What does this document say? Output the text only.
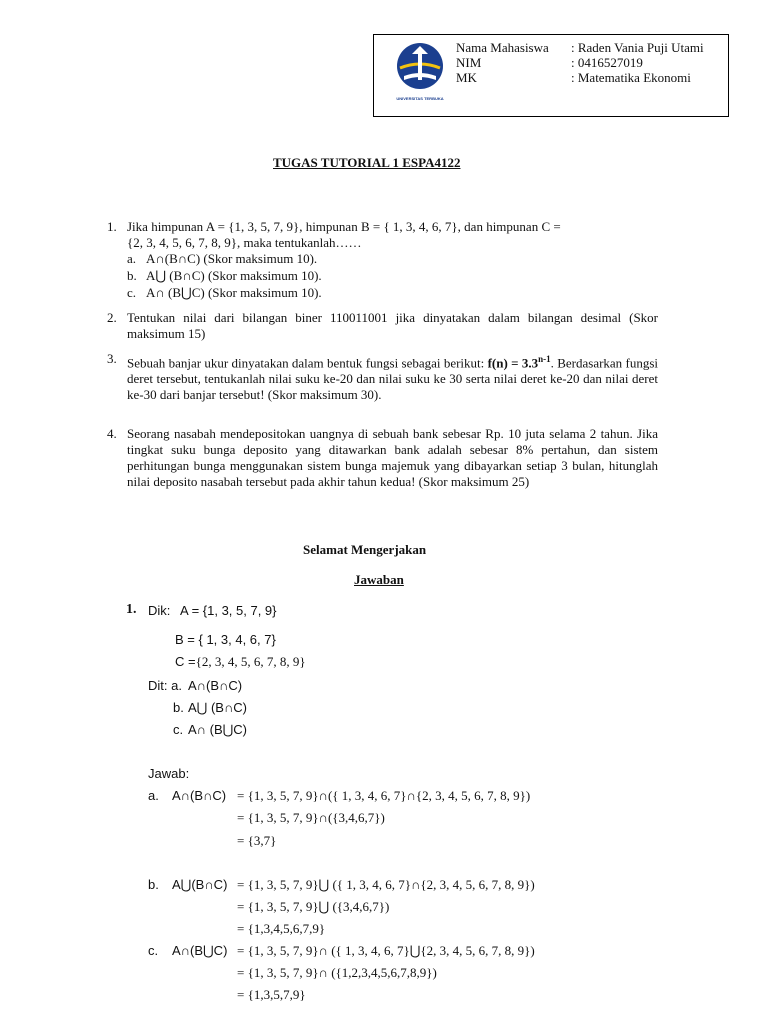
UNIVERSITAS TERBUKA
Nama Mahasiswa : Raden Vania Puji Utami
NIM	: 0416527019
MK	: Matematika Ekonomi
TUGAS TUTORIAL 1 ESPA4122
1. Jika himpunan A = {1, 3, 5, 7, 9}, himpunan B = { 1, 3, 4, 6, 7}, dan himpunan C =
{2, 3, 4, 5, 6, 7, 8, 9}, maka tentukanlah……
a. A∩(B∩C) (Skor maksimum 10).
b. A⋃ (B∩C) (Skor maksimum 10).
c. A∩ (B⋃C) (Skor maksimum 10).
2. Tentukan nilai dari bilangan biner 110011001 jika dinyatakan dalam bilangan desimal (Skor maksimum 15)
3. Sebuah banjar ukur dinyatakan dalam bentuk fungsi sebagai berikut: $f(n) = 3.3^{n-1}$. Berdasarkan fungsi deret tersebut, tentukanlah nilai suku ke-20 dan nilai suku ke 30 serta nilai deret ke-20 dan nilai deret ke-30 dari banjar tersebut! (Skor maksimum 30).
4. Seorang nasabah mendepositokan uangnya di sebuah bank sebesar Rp. 10 juta selama 2 tahun. Jika tingkat suku bunga deposito yang ditawarkan bank adalah sebesar 8% pertahun, dan sistem perhitungan bunga menggunakan sistem bunga majemuk yang dibayarkan setiap 3 bulan, hitunglah nilai deposito nasabah tersebut pada akhir tahun kedua! (Skor maksimum 25)
Selamat Mengerjakan
Jawaban
1. Dik: A = {1, 3, 5, 7, 9}
B = { 1, 3, 4, 6, 7}
C ={2, 3, 4, 5, 6, 7, 8, 9}
Dit: a. A∩(B∩C)
b. A⋃ (B∩C)
c. A∩ (B⋃C)
Jawab:
a. A∩(B∩C) = {1, 3, 5, 7, 9}∩({ 1, 3, 4, 6, 7}∩{2, 3, 4, 5, 6, 7, 8, 9})
= {1, 3, 5, 7, 9}∩({3,4,6,7})
= {3,7}
b. A⋃(B∩C) = {1, 3, 5, 7, 9}⋃ ({ 1, 3, 4, 6, 7}∩{2, 3, 4, 5, 6, 7, 8, 9})
= {1, 3, 5, 7, 9}⋃ ({3,4,6,7})
= {1,3,4,5,6,7,9}
c. A∩(B⋃C) = {1, 3, 5, 7, 9}∩ ({ 1, 3, 4, 6, 7}⋃{2, 3, 4, 5, 6, 7, 8, 9})
= {1, 3, 5, 7, 9}∩ ({1,2,3,4,5,6,7,8,9})
= {1,3,5,7,9}
